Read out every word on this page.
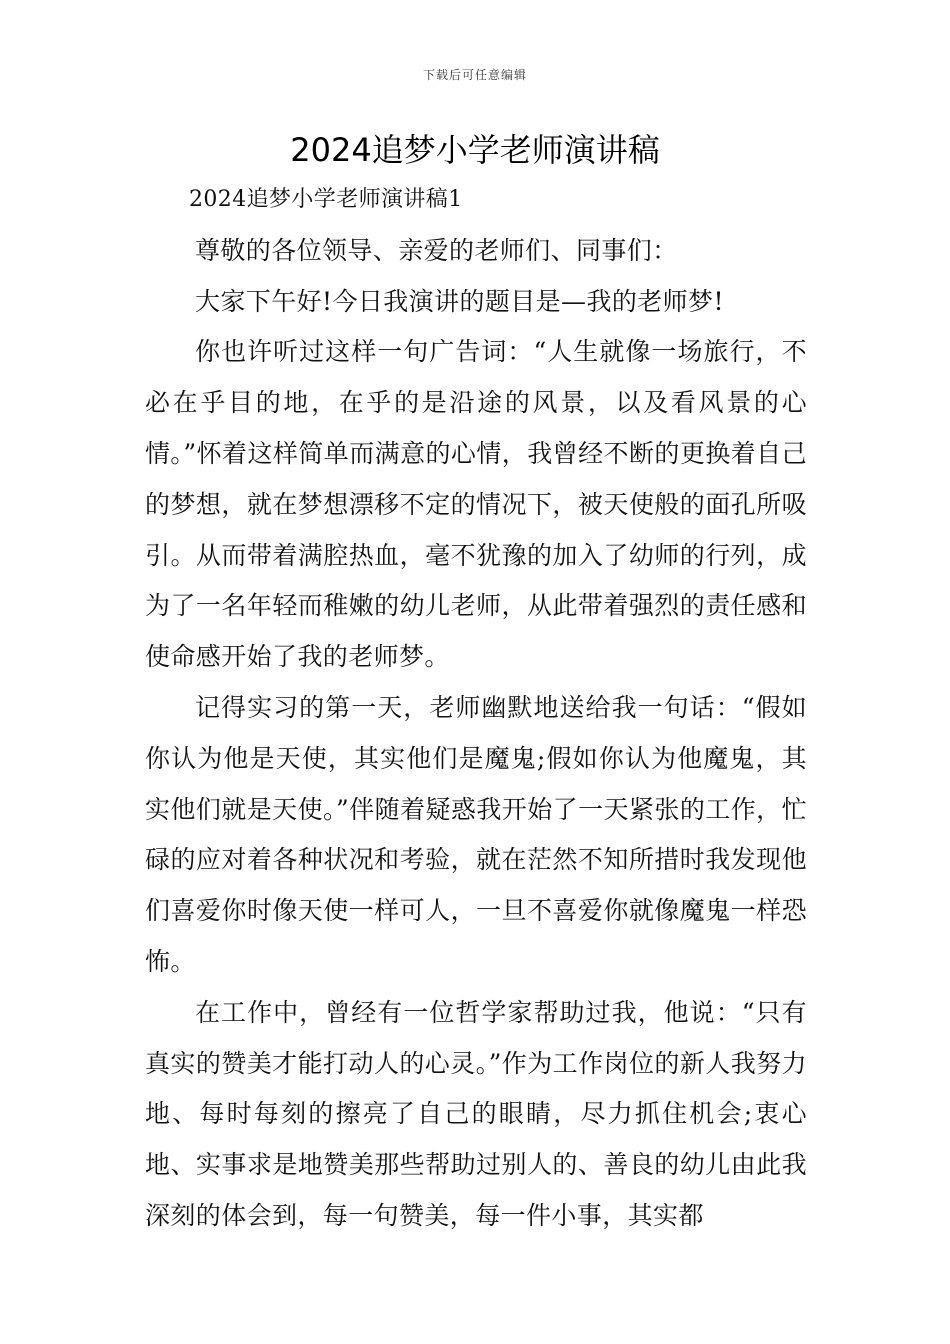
下载后可任意编辑
2024追梦小学老师演讲稿

2024追梦小学老师演讲稿1

尊敬的各位领导、亲爱的老师们、同事们：

大家下午好!今日我演讲的题目是—我的老师梦!

你也许听过这样一句广告词：“人生就像一场旅行，不必在乎目的地，在乎的是沿途的风景，以及看风景的心情。”怀着这样简单而满意的心情，我曾经不断的更换着自己的梦想，就在梦想漂移不定的情况下，被天使般的面孔所吸引。从而带着满腔热血，毫不犹豫的加入了幼师的行列，成为了一名年轻而稚嫩的幼儿老师，从此带着强烈的责任感和使命感开始了我的老师梦。

记得实习的第一天，老师幽默地送给我一句话：“假如你认为他是天使，其实他们是魔鬼;假如你认为他魔鬼，其实他们就是天使。”伴随着疑惑我开始了一天紧张的工作，忙碌的应对着各种状况和考验，就在茫然不知所措时我发现他们喜爱你时像天使一样可人，一旦不喜爱你就像魔鬼一样恐怖。

在工作中，曾经有一位哲学家帮助过我，他说：“只有真实的赞美才能打动人的心灵。”作为工作岗位的新人我努力地、每时每刻的擦亮了自己的眼睛，尽力抓住机会;衷心地、实事求是地赞美那些帮助过别人的、善良的幼儿由此我深刻的体会到，每一句赞美，每一件小事，其实都
